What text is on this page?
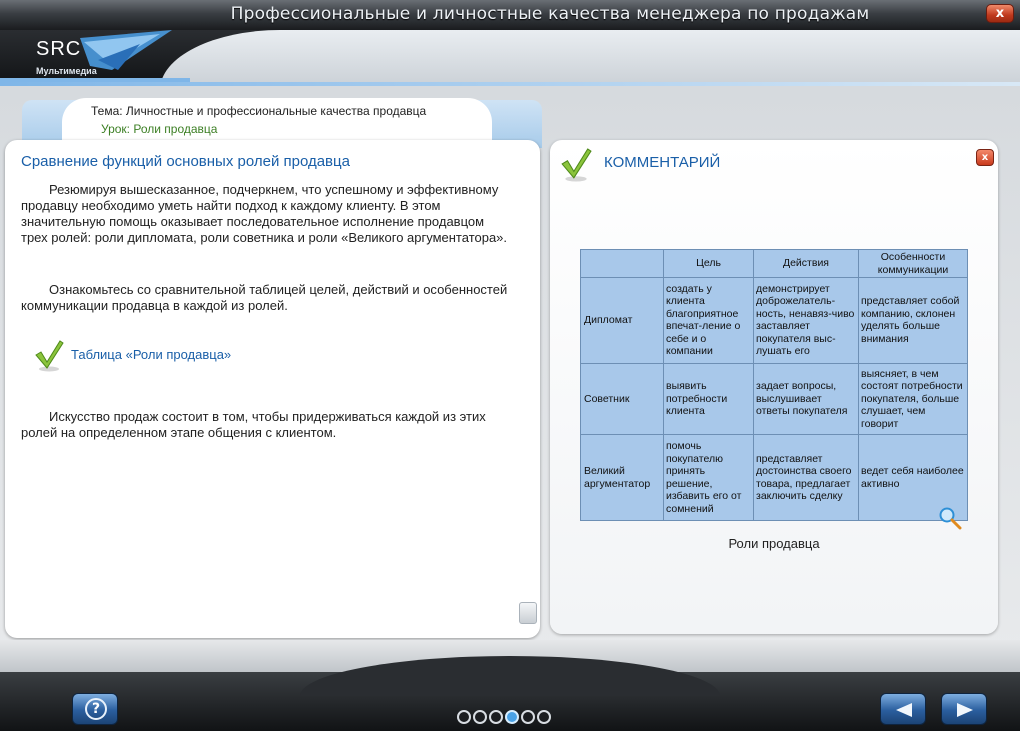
Профессиональные и личностные качества менеджера по продажам	x
SRC
Мультимедиа
Тема: Личностные и профессиональные качества продавца
Урок: Роли продавца
Сравнение функций основных ролей продавца
Резюмируя вышесказанное, подчеркнем, что успешному и эффективному продавцу необходимо уметь найти подход к каждому клиенту. В этом значительную помощь оказывает последовательное исполнение продавцом трех ролей: роли дипломата, роли советника и роли «Великого аргументатора».
Ознакомьтесь со сравнительной таблицей целей, действий и особенностей коммуникации продавца в каждой из ролей.
Таблица «Роли продавца»
Искусство продаж состоит в том, чтобы придерживаться каждой из этих ролей на определенном этапе общения с клиентом.
КОММЕНТАРИЙ	x
	Цель	Действия	Особенности коммуникации
Дипломат	создать у клиента благоприятное впечат-ление о себе и о компании	демонстрирует доброжелатель-ность, ненавяз-чиво заставляет покупателя выс-лушать его	представляет собой компанию, склонен уделять больше внимания
Советник	выявить потребности клиента	задает вопросы, выслушивает ответы покупателя	выясняет, в чем состоят потребности покупателя, больше слушает, чем говорит
Великий аргументатор	помочь покупателю принять решение, избавить его от сомнений	представляет достоинства своего товара, предлагает заключить сделку	ведет себя наиболее активно
Роли продавца
?
